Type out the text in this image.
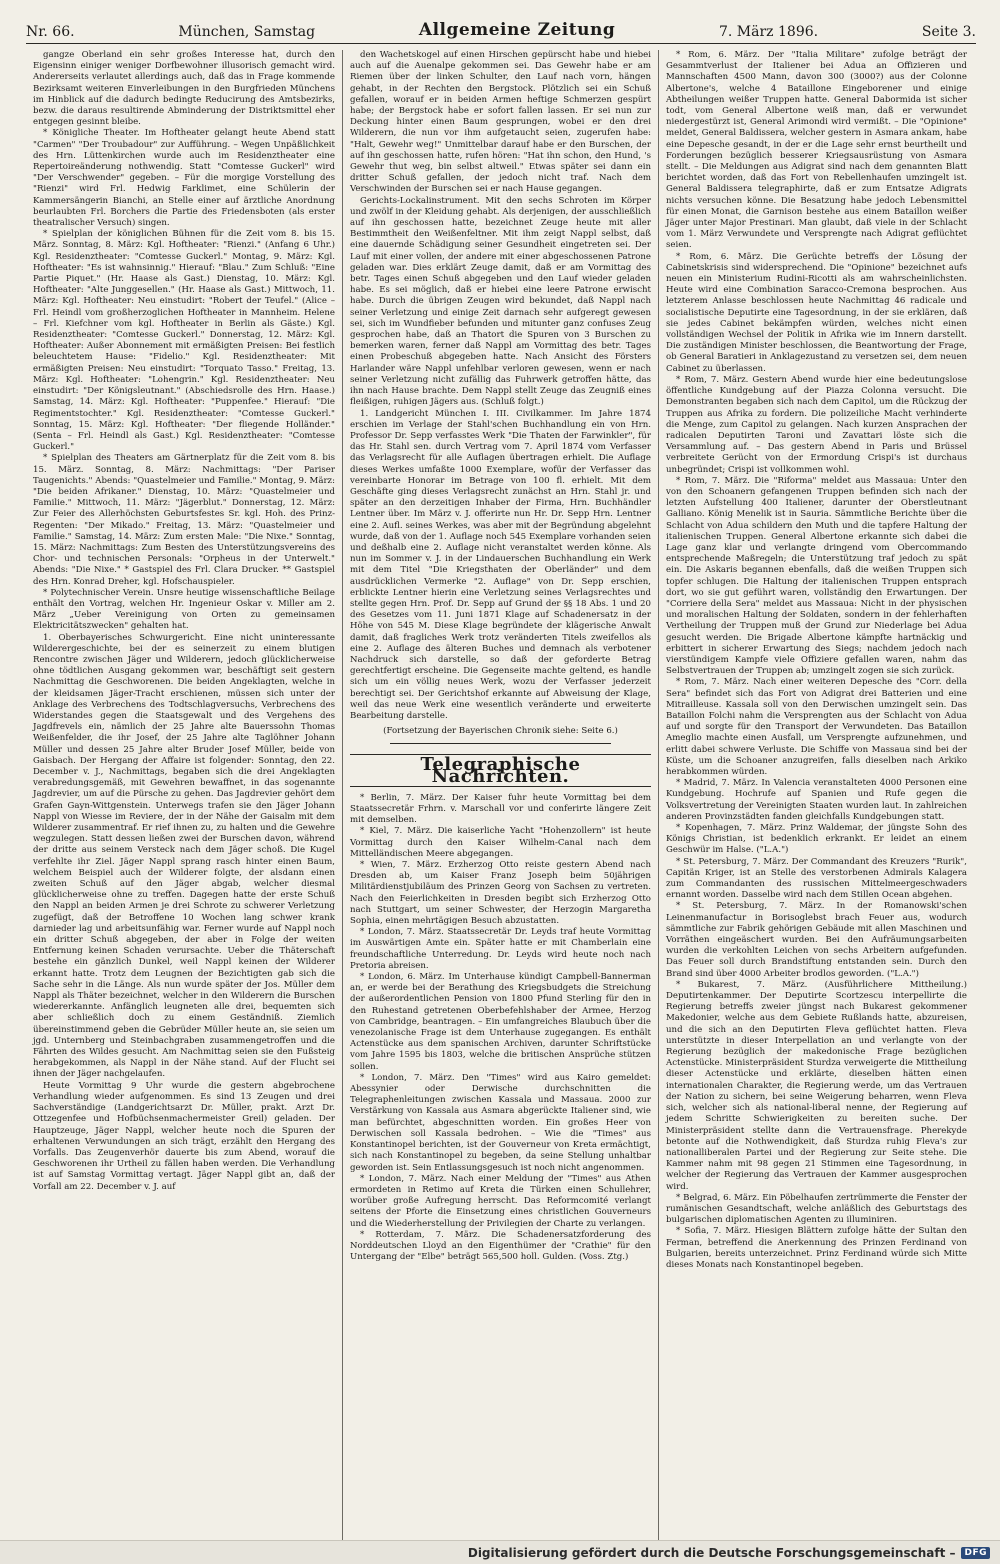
Nr. 66.	München, Samstag	Allgemeine Zeitung	7. März 1896.	Seite 3.

gangze Oberland ein sehr großes Interesse hat, durch den Eigensinn einiger weniger Dorfbewohner illusorisch gemacht wird. Andererseits verlautet allerdings auch, daß das in Frage kommende Bezirksamt weiteren Einverleibungen in den Burgfrieden Münchens im Hinblick auf die dadurch bedingte Reducirung des Amtsbezirks, bezw. die daraus resultirende Abminderung der Distriktsmittel eher entgegen gesinnt bleibe.

* Königliche Theater. Im Hoftheater gelangt heute Abend statt "Carmen" "Der Troubadour" zur Aufführung. – Wegen Unpäßlichkeit des Hrn. Lüttenkirchen wurde auch im Residenztheater eine Repertoireänderung nothwendig. Statt "Comtesse Guckerl" wird "Der Verschwender" gegeben. – Für die morgige Vorstellung des "Rienzi" wird Frl. Hedwig Farklimet, eine Schülerin der Kammersängerin Bianchi, an Stelle einer auf ärztliche Anordnung beurlaubten Frl. Borchers die Partie des Friedensboten (als erster theatralischer Versuch) singen.

* Spielplan der königlichen Bühnen für die Zeit vom 8. bis 15. März. Sonntag, 8. März: Kgl. Hoftheater: "Rienzi." (Anfang 6 Uhr.) Kgl. Residenztheater: "Comtesse Guckerl." Montag, 9. März: Kgl. Hoftheater: "Es ist wahnsinnig." Hierauf: "Blau." Zum Schluß: "Eine Partie Piquet." (Hr. Haase als Gast.) Dienstag, 10. März: Kgl. Hoftheater: "Alte Junggesellen." (Hr. Haase als Gast.) Mittwoch, 11. März: Kgl. Hoftheater: Neu einstudirt: "Robert der Teufel." (Alice – Frl. Heindl vom großherzoglichen Hoftheater in Mannheim. Helene – Frl. Kiefchner vom kgl. Hoftheater in Berlin als Gäste.) Kgl. Residenztheater: "Comtesse Guckerl." Donnerstag, 12. März: Kgl. Hoftheater: Außer Abonnement mit ermäßigten Preisen: Bei festlich beleuchtetem Hause: "Fidelio." Kgl. Residenztheater: Mit ermäßigten Preisen: Neu einstudirt: "Torquato Tasso." Freitag, 13. März: Kgl. Hoftheater: "Lohengrin." Kgl. Residenztheater: Neu einstudirt: "Der Königsleutnant." (Abschiedsrolle des Hrn. Haase.) Samstag, 14. März: Kgl. Hoftheater: "Puppenfee." Hierauf: "Die Regimentstochter." Kgl. Residenztheater: "Comtesse Guckerl." Sonntag, 15. März: Kgl. Hoftheater: "Der fliegende Holländer." (Senta – Frl. Heindl als Gast.) Kgl. Residenztheater: "Comtesse Guckerl."

* Spielplan des Theaters am Gärtnerplatz für die Zeit vom 8. bis 15. März. Sonntag, 8. März: Nachmittags: "Der Pariser Taugenichts." Abends: "Quastelmeier und Familie." Montag, 9. März: "Die beiden Afrikaner." Dienstag, 10. März: "Quastelmeier und Familie." Mittwoch, 11. März: "Jägerblut." Donnerstag, 12. März: Zur Feier des Allerhöchsten Geburtsfestes Sr. kgl. Hoh. des Prinz-Regenten: "Der Mikado." Freitag, 13. März: "Quastelmeier und Familie." Samstag, 14. März: Zum ersten Male: "Die Nixe." Sonntag, 15. März: Nachmittags: Zum Besten des Unterstützungsvereins des Chor- und technischen Personals: "Orpheus in der Unterwelt." Abends: "Die Nixe." * Gastspiel des Frl. Clara Drucker. ** Gastspiel des Hrn. Konrad Dreher, kgl. Hofschauspieler.

* Polytechnischer Verein. Unsre heutige wissenschaftliche Beilage enthält den Vortrag, welchen Hr. Ingenieur Oskar v. Miller am 2. März „Ueber Vereinigung von Orten zu gemeinsamen Elektricitätszwecken" gehalten hat.

1. Oberbayerisches Schwurgericht. Eine nicht uninteressante Wilderergeschichte, bei der es seinerzeit zu einem blutigen Rencontre zwischen Jäger und Wilderern, jedoch glücklicherweise ohne tödtlichen Ausgang gekommen war, beschäftigt seit gestern Nachmittag die Geschworenen. Die beiden Angeklagten, welche in der kleidsamen Jäger-Tracht erschienen, müssen sich unter der Anklage des Verbrechens des Todtschlagversuchs, Verbrechens des Widerstandes gegen die Staatsgewalt und des Vergehens des Jagdfrevels ein, nämlich der 25 Jahre alte Bauerssohn Thomas Weißenfelder, die ihr Josef, der 25 Jahre alte Taglöhner Johann Müller und dessen 25 Jahre alter Bruder Josef Müller, beide von Gaisbach. Der Hergang der Affaire ist folgender: Sonntag, den 22. December v. J., Nachmittags, begaben sich die drei Angeklagten verabredungsgemäß, mit Gewehren bewaffnet, in das sogenannte Jagdrevier, um auf die Pürsche zu gehen. Das Jagdrevier gehört dem Grafen Gayn-Wittgenstein. Unterwegs trafen sie den Jäger Johann Nappl von Wiesse im Reviere, der in der Nähe der Gaisalm mit dem Wilderer zusammentraf. Er rief ihnen zu, zu halten und die Gewehre wegzulegen. Statt dessen ließen zwei der Burschen davon, während der dritte aus seinem Versteck nach dem Jäger schoß. Die Kugel verfehlte ihr Ziel. Jäger Nappl sprang rasch hinter einen Baum, welchem Beispiel auch der Wilderer folgte, der alsdann einen zweiten Schuß auf den Jäger abgab, welcher diesmal glücklicherweise ohne zu treffen. Dagegen hatte der erste Schuß den Nappl an beiden Armen je drei Schrote zu schwerer Verletzung zugefügt, daß der Betroffene 10 Wochen lang schwer krank darnieder lag und arbeitsunfähig war. Ferner wurde auf Nappl noch ein dritter Schuß abgegeben, der aber in Folge der weiten Entfernung keinen Schaden verursachte. Ueber die Thäterschaft bestehe ein gänzlich Dunkel, weil Nappl keinen der Wilderer erkannt hatte. Trotz dem Leugnen der Bezichtigten gab sich die Sache sehr in die Länge. Als nun wurde später der Jos. Müller dem Nappl als Thäter bezeichnet, welcher in den Wilderern die Burschen wiedererkannte. Anfänglich leugneten alle drei, bequemten sich aber schließlich doch zu einem Geständniß. Ziemlich übereinstimmend geben die Gebrüder Müller heute an, sie seien um jgd. Unternberg und Steinbachgraben zusammengetroffen und die Fährten des Wildes gesucht. Am Nachmittag seien sie den Fußsteig herabgekommen, als Nappl in der Nähe stand. Auf der Flucht sei ihnen der Jäger nachgelaufen.

Heute Vormittag 9 Uhr wurde die gestern abgebrochene Verhandlung wieder aufgenommen. Es sind 13 Zeugen und drei Sachverständige (Landgerichtsarzt Dr. Müller, prakt. Arzt Dr. Ottzegenfee und Hofbüchsenmachermeister Greil) geladen. Der Hauptzeuge, Jäger Nappl, welcher heute noch die Spuren der erhaltenen Verwundungen an sich trägt, erzählt den Hergang des Vorfalls. Das Zeugenverhör dauerte bis zum Abend, worauf die Geschworenen ihr Urtheil zu fällen haben werden. Die Verhandlung ist auf Samstag Vormittag vertagt. Jäger Nappl gibt an, daß der Vorfall am 22. December v. J. auf

den Wachetskogel auf einen Hirschen gepürscht habe und hiebei auch auf die Auenalpe gekommen sei. Das Gewehr habe er am Riemen über der linken Schulter, den Lauf nach vorn, hängen gehabt, in der Rechten den Bergstock. Plötzlich sei ein Schuß gefallen, worauf er in beiden Armen heftige Schmerzen gespürt habe; der Bergstock habe er sofort fallen lassen. Er sei nun zur Deckung hinter einen Baum gesprungen, wobei er den drei Wilderern, die nun vor ihm aufgetaucht seien, zugerufen habe: "Halt, Gewehr weg!" Unmittelbar darauf habe er den Burschen, der auf ihn geschossen hatte, rufen hören: "Hat ihn schon, den Hund, 's Gewehr thut weg, bin selbst altweil." Etwas später sei dann ein dritter Schuß gefallen, der jedoch nicht traf. Nach dem Verschwinden der Burschen sei er nach Hause gegangen.

Gerichts-Lockalinstrument. Mit den sechs Schroten im Körper und zwölf in der Kleidung gehabt. Als derjenigen, der ausschließlich auf ihn geschossen hatte, bezeichnet Zeuge heute mit aller Bestimmtheit den Weißenfeltner. Mit ihm zeigt Nappl selbst, daß eine dauernde Schädigung seiner Gesundheit eingetreten sei. Der Lauf mit einer vollen, der andere mit einer abgeschossenen Patrone geladen war. Dies erklärt Zeuge damit, daß er am Vormittag des betr. Tages einen Schuß abgegeben und den Lauf wieder geladen habe. Es sei möglich, daß er hiebei eine leere Patrone erwischt habe. Durch die übrigen Zeugen wird bekundet, daß Nappl nach seiner Verletzung und einige Zeit darnach sehr aufgeregt gewesen sei, sich im Wundfieber befunden und mitunter ganz confuses Zeug gesprochen habe, daß an Thatort die Spuren von 3 Burschen zu bemerken waren, ferner daß Nappl am Vormittag des betr. Tages einen Probeschuß abgegeben hatte. Nach Ansicht des Försters Harlander wäre Nappl unfehlbar verloren gewesen, wenn er nach seiner Verletzung nicht zufällig das Fuhrwerk getroffen hätte, das ihn nach Hause brachte. Dem Nappl stellt Zeuge das Zeugniß eines fleißigen, ruhigen Jägers aus. (Schluß folgt.)

1. Landgericht München I. III. Civilkammer. Im Jahre 1874 erschien im Verlage der Stahl'schen Buchhandlung ein von Hrn. Professor Dr. Sepp verfasstes Werk "Die Thaten der Farwinkler", für das Hr. Stahl sen. durch Vertrag vom 7. April 1874 vom Verfasser das Verlagsrecht für alle Auflagen übertragen erhielt. Die Auflage dieses Werkes umfaßte 1000 Exemplare, wofür der Verfasser das vereinbarte Honorar im Betrage von 100 fl. erhielt. Mit dem Geschäfte ging dieses Verlagsrecht zunächst an Hrn. Stahl jr. und später an den derzeitigen Inhaber der Firma, Hrn. Buchhändler Lentner über. Im März v. J. offerirte nun Hr. Dr. Sepp Hrn. Lentner eine 2. Aufl. seines Werkes, was aber mit der Begründung abgelehnt wurde, daß von der 1. Auflage noch 545 Exemplare vorhanden seien und deßhalb eine 2. Auflage nicht veranstaltet werden könne. Als nun im Sommer v. J. in der Lindauerschen Buchhandlung ein Werk mit dem Titel "Die Kriegsthaten der Oberländer" und dem ausdrücklichen Vermerke "2. Auflage" von Dr. Sepp erschien, erblickte Lentner hierin eine Verletzung seines Verlagsrechtes und stellte gegen Hrn. Prof. Dr. Sepp auf Grund der §§ 18 Abs. 1 und 20 des Gesetzes vom 11. Juni 1871 Klage auf Schadenersatz in der Höhe von 545 M. Diese Klage begründete der klägerische Anwalt damit, daß fragliches Werk trotz veränderten Titels zweifellos als eine 2. Auflage des älteren Buches und demnach als verbotener Nachdruck sich darstelle, so daß der geforderte Betrag gerechtfertigt erscheine. Die Gegenseite machte geltend, es handle sich um ein völlig neues Werk, wozu der Verfasser jederzeit berechtigt sei. Der Gerichtshof erkannte auf Abweisung der Klage, weil das neue Werk eine wesentlich veränderte und erweiterte Bearbeitung darstelle.

(Fortsetzung der Bayerischen Chronik siehe: Seite 6.)

Telegraphische Nachrichten.

* Berlin, 7. März. Der Kaiser fuhr heute Vormittag bei dem Staatssecretär Frhrn. v. Marschall vor und conferirte längere Zeit mit demselben.

* Kiel, 7. März. Die kaiserliche Yacht "Hohenzollern" ist heute Vormittag durch den Kaiser Wilhelm-Canal nach dem Mittelländischen Meere abgegangen.

* Wien, 7. März. Erzherzog Otto reiste gestern Abend nach Dresden ab, um Kaiser Franz Joseph beim 50jährigen Militärdienstjubiläum des Prinzen Georg von Sachsen zu vertreten. Nach den Feierlichkeiten in Dresden begibt sich Erzherzog Otto nach Stuttgart, um seiner Schwester, der Herzogin Margaretha Sophia, einen mehrtägigen Besuch abzustatten.

* London, 7. März. Staatssecretär Dr. Leyds traf heute Vormittag im Auswärtigen Amte ein. Später hatte er mit Chamberlain eine freundschaftliche Unterredung. Dr. Leyds wird heute noch nach Pretoria abreisen.

* London, 6. März. Im Unterhause kündigt Campbell-Bannerman an, er werde bei der Berathung des Kriegsbudgets die Streichung der außerordentlichen Pension von 1800 Pfund Sterling für den in den Ruhestand getretenen Oberbefehlshaber der Armee, Herzog von Cambridge, beantragen. – Ein umfangreiches Blaubuch über die venezolanische Frage ist dem Unterhause zugegangen. Es enthält Actenstücke aus dem spanischen Archiven, darunter Schriftstücke vom Jahre 1595 bis 1803, welche die britischen Ansprüche stützen sollen.

* London, 7. März. Den "Times" wird aus Kairo gemeldet: Abessynier oder Derwische durchschnitten die Telegraphenleitungen zwischen Kassala und Massaua. 2000 zur Verstärkung von Kassala aus Asmara abgerückte Italiener sind, wie man befürchtet, abgeschnitten worden. Ein großes Heer von Derwischen soll Kassala bedrohen. – Wie die "Times" aus Konstantinopel berichten, ist der Gouverneur von Kreta ermächtigt, sich nach Konstantinopel zu begeben, da seine Stellung unhaltbar geworden ist. Sein Entlassungsgesuch ist noch nicht angenommen.

* London, 7. März. Nach einer Meldung der "Times" aus Athen ermordeten in Retimo auf Kreta die Türken einen Schullehrer, worüber große Aufregung herrscht. Das Reformcomité verlangt seitens der Pforte die Einsetzung eines christlichen Gouverneurs und die Wiederherstellung der Privilegien der Charte zu verlangen.

* Rotterdam, 7. März. Die Schadenersatzforderung des Norddeutschen Lloyd an den Eigenthümer der "Crathie" für den Untergang der "Elbe" beträgt 565,500 holl. Gulden. (Voss. Ztg.)

* Rom, 6. März. Der "Italia Militare" zufolge beträgt der Gesammtverlust der Italiener bei Adua an Offizieren und Mannschaften 4500 Mann, davon 300 (3000?) aus der Colonne Albertone's, welche 4 Bataillone Eingeborener und einige Abtheilungen weißer Truppen hatte. General Dabormida ist sicher todt, vom General Albertone weiß man, daß er verwundet niedergestürzt ist, General Arimondi wird vermißt. – Die "Opinione" meldet, General Baldissera, welcher gestern in Asmara ankam, habe eine Depesche gesandt, in der er die Lage sehr ernst beurtheilt und Forderungen bezüglich besserer Kriegsausrüstung von Asmara stellt. – Die Meldungen aus Adigrat sind nach dem genannten Blatt berichtet worden, daß das Fort von Rebellenhaufen umzingelt ist. General Baldissera telegraphirte, daß er zum Entsatze Adigrats nichts versuchen könne. Die Besatzung habe jedoch Lebensmittel für einen Monat, die Garnison bestehe aus einem Bataillon weißer Jäger unter Major Prestinari. Man glaubt, daß viele in der Schlacht vom 1. März Verwundete und Versprengte nach Adigrat geflüchtet seien.

* Rom, 6. März. Die Gerüchte betreffs der Lösung der Cabinetskrisis sind widersprechend. Die "Opinione" bezeichnet aufs neuen ein Ministerium Rudini-Ricotti als am wahrscheinlichsten. Heute wird eine Combination Saracco-Cremona besprochen. Aus letzterem Anlasse beschlossen heute Nachmittag 46 radicale und socialistische Deputirte eine Tagesordnung, in der sie erklären, daß sie jedes Cabinet bekämpfen würden, welches nicht einen vollständigen Wechsel der Politik in Afrika wie im Innern darstellt. Die zuständigen Minister beschlossen, die Beantwortung der Frage, ob General Baratieri in Anklagezustand zu versetzen sei, dem neuen Cabinet zu überlassen.

* Rom, 7. März. Gestern Abend wurde hier eine bedeutungslose öffentliche Kundgebung auf der Piazza Colonna versucht. Die Demonstranten begaben sich nach dem Capitol, um die Rückzug der Truppen aus Afrika zu fordern. Die polizeiliche Macht verhinderte die Menge, zum Capitol zu gelangen. Nach kurzen Ansprachen der radicalen Deputirten Taroni und Zavattari löste sich die Versammlung auf. – Das gestern Abend in Paris und Brüssel verbreitete Gerücht von der Ermordung Crispi's ist durchaus unbegründet; Crispi ist vollkommen wohl.

* Rom, 7. März. Die "Riforma" meldet aus Massaua: Unter den von den Schoanern gefangenen Truppen befinden sich nach der letzten Aufstellung 400 Italiener, darunter der Oberstleutnant Galliano. König Menelik ist in Sauria. Sämmtliche Berichte über die Schlacht von Adua schildern den Muth und die tapfere Haltung der italienischen Truppen. General Albertone erkannte sich dabei die Lage ganz klar und verlangte dringend vom Obercommando entsprechende Maßregeln; die Unterstützung traf jedoch zu spät ein. Die Askaris begannen ebenfalls, daß die weißen Truppen sich topfer schlugen. Die Haltung der italienischen Truppen entsprach dort, wo sie gut geführt waren, vollständig den Erwartungen. Der "Corriere della Sera" meldet aus Massaua: Nicht in der physischen und moralischen Haltung der Soldaten, sondern in der fehlerhaften Vertheilung der Truppen muß der Grund zur Niederlage bei Adua gesucht werden. Die Brigade Albertone kämpfte hartnäckig und erbittert in sicherer Erwartung des Siegs; nachdem jedoch nach vierstündigem Kampfe viele Offiziere gefallen waren, nahm das Selbstvertrauen der Truppen ab; umzingelt zogen sie sich zurück.

* Rom, 7. März. Nach einer weiteren Depesche des "Corr. della Sera" befindet sich das Fort von Adigrat drei Batterien und eine Mitrailleuse. Kassala soll von den Derwischen umzingelt sein. Das Bataillon Folchi nahm die Versprengten aus der Schlacht von Adua auf und sorgte für den Transport der Verwundeten. Das Bataillon Ameglio machte einen Ausfall, um Versprengte aufzunehmen, und erlitt dabei schwere Verluste. Die Schiffe von Massaua sind bei der Küste, um die Schoaner anzugreifen, falls dieselben nach Arkiko herabkommen würden.

* Madrid, 7. März. In Valencia veranstalteten 4000 Personen eine Kundgebung. Hochrufe auf Spanien und Rufe gegen die Volksvertretung der Vereinigten Staaten wurden laut. In zahlreichen anderen Provinzstädten fanden gleichfalls Kundgebungen statt.

* Kopenhagen, 7. März. Prinz Waldemar, der jüngste Sohn des Königs Christian, ist bedenklich erkrankt. Er leidet an einem Geschwür im Halse. ("L.A.")

* St. Petersburg, 7. März. Der Commandant des Kreuzers "Rurik", Capitän Kriger, ist an Stelle des verstorbenen Admirals Kalagera zum Commandanten des russischen Mittelmeergeschwaders ernannt worden. Dasselbe wird nach dem Stillen Ocean abgehen.

* St. Petersburg, 7. März. In der Romanowski'schen Leinenmanufactur in Borisoglebst brach Feuer aus, wodurch sämmtliche zur Fabrik gehörigen Gebäude mit allen Maschinen und Vorräthen eingeäschert wurden. Bei den Aufräumungsarbeiten wurden die verkohlten Leichen von sechs Arbeitern aufgefunden. Das Feuer soll durch Brandstiftung entstanden sein. Durch den Brand sind über 4000 Arbeiter brodlos geworden. ("L.A.")

* Bukarest, 7. März. (Ausführlichere Mittheilung.) Deputirtenkammer. Der Deputirte Scortzescu interpellirte die Regierung betreffs zweier jüngst nach Bukarest gekommener Makedonier, welche aus dem Gebiete Rußlands hatte, abzureisen, und die sich an den Deputirten Fleva geflüchtet hatten. Fleva unterstützte in dieser Interpellation an und verlangte von der Regierung bezüglich der makedonische Frage bezüglichen Actenstücke. Ministerpräsident Sturdza verweigerte die Mittheilung dieser Actenstücke und erklärte, dieselben hätten einen internationalen Charakter, die Regierung werde, um das Vertrauen der Nation zu sichern, bei seine Weigerung beharren, wenn Fleva sich, welcher sich als national-liberal nenne, der Regierung auf jedem Schritte Schwierigkeiten zu bereiten suche. Der Ministerpräsident stellte dann die Vertrauensfrage. Pherekyde betonte auf die Nothwendigkeit, daß Sturdza ruhig Fleva's zur nationalliberalen Partei und der Regierung zur Seite stehe. Die Kammer nahm mit 98 gegen 21 Stimmen eine Tagesordnung, in welcher der Regierung das Vertrauen der Kammer ausgesprochen wird.

* Belgrad, 6. März. Ein Pöbelhaufen zertrümmerte die Fenster der rumänischen Gesandtschaft, welche anläßlich des Geburtstags des bulgarischen diplomatischen Agenten zu illuminiren.

* Sofia, 7. März. Hiesigen Blättern zufolge hätte der Sultan den Ferman, betreffend die Anerkennung des Prinzen Ferdinand von Bulgarien, bereits unterzeichnet. Prinz Ferdinand würde sich Mitte dieses Monats nach Konstantinopel begeben.

Digitalisierung gefördert durch die Deutsche Forschungsgemeinschaft –	DFG
